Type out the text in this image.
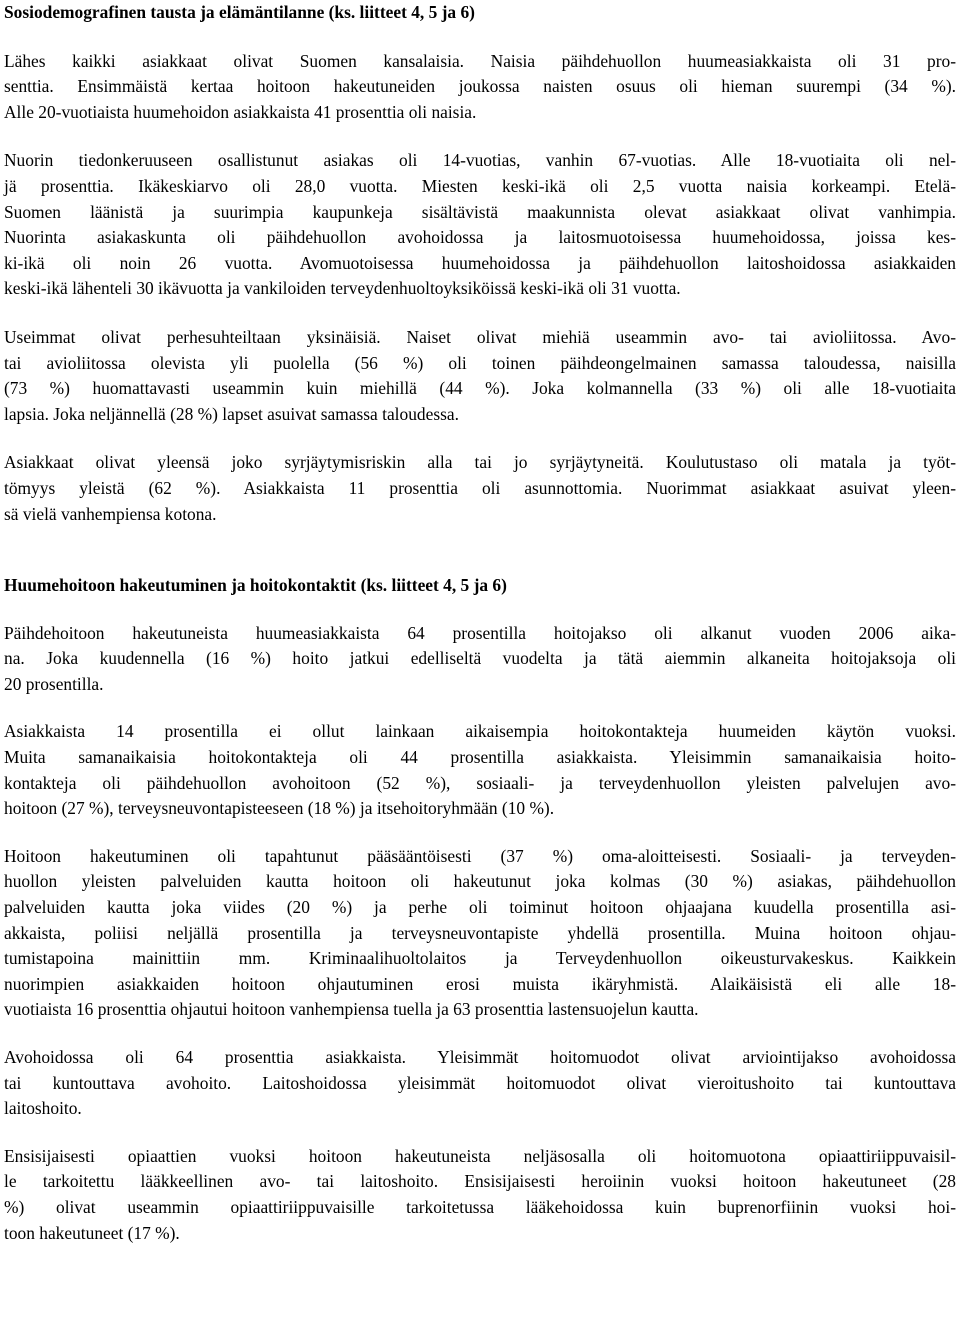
Sosiodemografinen tausta ja elämäntilanne (ks. liitteet 4, 5 ja 6)

Lähes kaikki asiakkaat olivat Suomen kansalaisia. Naisia päihdehuollon huumeasiakkaista oli 31 pro-
senttia. Ensimmäistä kertaa hoitoon hakeutuneiden joukossa naisten osuus oli hieman suurempi (34 %).
Alle 20-vuotiaista huumehoidon asiakkaista 41 prosenttia oli naisia.

Nuorin tiedonkeruuseen osallistunut asiakas oli 14-vuotias, vanhin 67-vuotias. Alle 18-vuotiaita oli nel-
jä prosenttia. Ikäkeskiarvo oli 28,0 vuotta. Miesten keski-ikä oli 2,5 vuotta naisia korkeampi. Etelä-
Suomen läänistä ja suurimpia kaupunkeja sisältävistä maakunnista olevat asiakkaat olivat vanhimpia.
Nuorinta asiakaskunta oli päihdehuollon avohoidossa ja laitosmuotoisessa huumehoidossa, joissa kes-
ki-ikä oli noin 26 vuotta. Avomuotoisessa huumehoidossa ja päihdehuollon laitoshoidossa asiakkaiden
keski-ikä lähenteli 30 ikävuotta ja vankiloiden terveydenhuoltoyksiköissä keski-ikä oli 31 vuotta.

Useimmat olivat perhesuhteiltaan yksinäisiä. Naiset olivat miehiä useammin avo- tai avioliitossa. Avo-
tai avioliitossa olevista yli puolella (56 %) oli toinen päihdeongelmainen samassa taloudessa, naisilla
(73 %) huomattavasti useammin kuin miehillä (44 %). Joka kolmannella (33 %) oli alle 18-vuotiaita
lapsia. Joka neljännellä (28 %) lapset asuivat samassa taloudessa.

Asiakkaat olivat yleensä joko syrjäytymisriskin alla tai jo syrjäytyneitä. Koulutustaso oli matala ja työt-
tömyys yleistä (62 %). Asiakkaista 11 prosenttia oli asunnottomia. Nuorimmat asiakkaat asuivat yleen-
sä vielä vanhempiensa kotona.

Huumehoitoon hakeutuminen ja hoitokontaktit (ks. liitteet 4, 5 ja 6)

Päihdehoitoon hakeutuneista huumeasiakkaista 64 prosentilla hoitojakso oli alkanut vuoden 2006 aika-
na. Joka kuudennella (16 %) hoito jatkui edelliseltä vuodelta ja tätä aiemmin alkaneita hoitojaksoja oli
20 prosentilla.

Asiakkaista 14 prosentilla ei ollut lainkaan aikaisempia hoitokontakteja huumeiden käytön vuoksi.
Muita samanaikaisia hoitokontakteja oli 44 prosentilla asiakkaista. Yleisimmin samanaikaisia hoito-
kontakteja oli päihdehuollon avohoitoon (52 %), sosiaali- ja terveydenhuollon yleisten palvelujen avo-
hoitoon (27 %), terveysneuvontapisteeseen (18 %) ja itsehoitoryhmään (10 %).

Hoitoon hakeutuminen oli tapahtunut pääsääntöisesti (37 %) oma-aloitteisesti. Sosiaali- ja terveyden-
huollon yleisten palveluiden kautta hoitoon oli hakeutunut joka kolmas (30 %) asiakas, päihdehuollon
palveluiden kautta joka viides (20 %) ja perhe oli toiminut hoitoon ohjaajana kuudella prosentilla asi-
akkaista, poliisi neljällä prosentilla ja terveysneuvontapiste yhdellä prosentilla. Muina hoitoon ohjau-
tumistapoina mainittiin mm. Kriminaalihuoltolaitos ja Terveydenhuollon oikeusturvakeskus. Kaikkein
nuorimpien asiakkaiden hoitoon ohjautuminen erosi muista ikäryhmistä. Alaikäisistä eli alle 18-
vuotiaista 16 prosenttia ohjautui hoitoon vanhempiensa tuella ja 63 prosenttia lastensuojelun kautta.

Avohoidossa oli 64 prosenttia asiakkaista. Yleisimmät hoitomuodot olivat arviointijakso avohoidossa
tai kuntouttava avohoito. Laitoshoidossa yleisimmät hoitomuodot olivat vieroitushoito tai kuntouttava
laitoshoito.

Ensisijaisesti opiaattien vuoksi hoitoon hakeutuneista neljäsosalla oli hoitomuotona opiaattiriippuvaisil-
le tarkoitettu lääkkeellinen avo- tai laitoshoito. Ensisijaisesti heroiinin vuoksi hoitoon hakeutuneet (28
%) olivat useammin opiaattiriippuvaisille tarkoitetussa lääkehoidossa kuin buprenorfiinin vuoksi hoi-
toon hakeutuneet (17 %).
